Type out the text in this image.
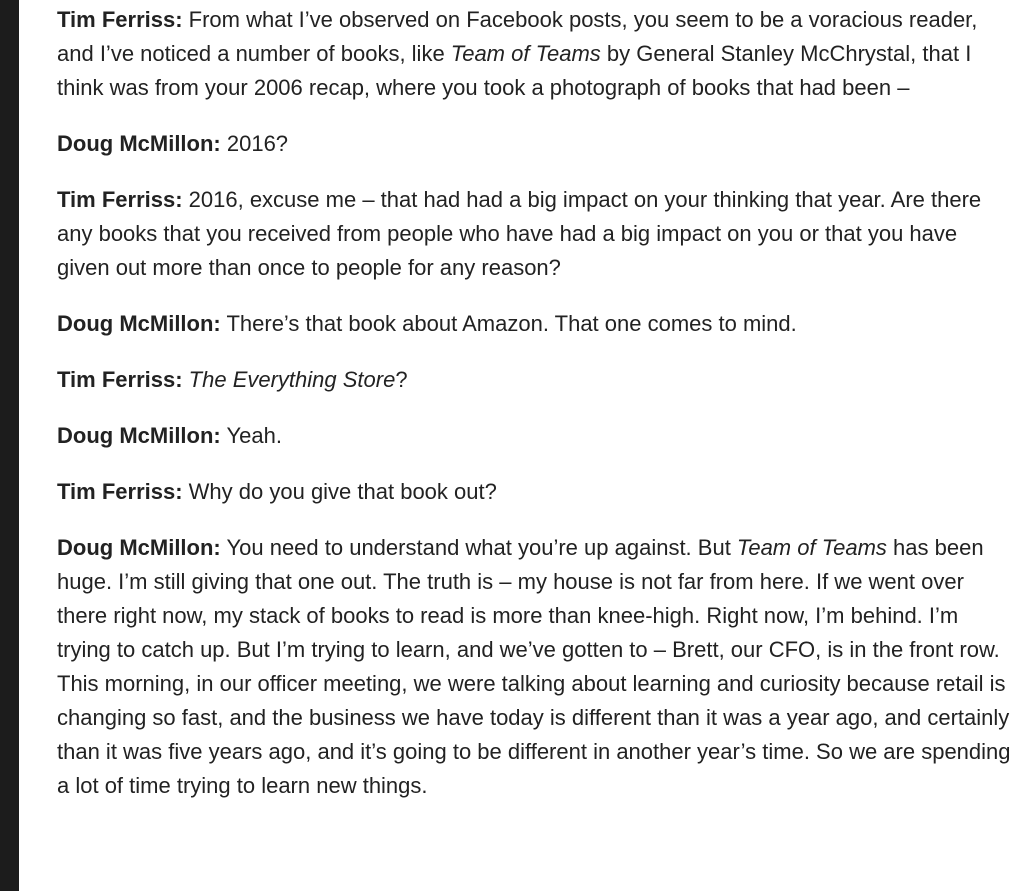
Tim Ferriss: From what I’ve observed on Facebook posts, you seem to be a voracious reader, and I’ve noticed a number of books, like Team of Teams by General Stanley McChrystal, that I think was from your 2006 recap, where you took a photograph of books that had been –

Doug McMillon: 2016?

Tim Ferriss: 2016, excuse me – that had had a big impact on your thinking that year. Are there any books that you received from people who have had a big impact on you or that you have given out more than once to people for any reason?

Doug McMillon: There’s that book about Amazon. That one comes to mind.

Tim Ferriss: The Everything Store?

Doug McMillon: Yeah.

Tim Ferriss: Why do you give that book out?

Doug McMillon: You need to understand what you’re up against. But Team of Teams has been huge. I’m still giving that one out. The truth is – my house is not far from here. If we went over there right now, my stack of books to read is more than knee-high. Right now, I’m behind. I’m trying to catch up. But I’m trying to learn, and we’ve gotten to – Brett, our CFO, is in the front row. This morning, in our officer meeting, we were talking about learning and curiosity because retail is changing so fast, and the business we have today is different than it was a year ago, and certainly than it was five years ago, and it’s going to be different in another year’s time. So we are spending a lot of time trying to learn new things.
